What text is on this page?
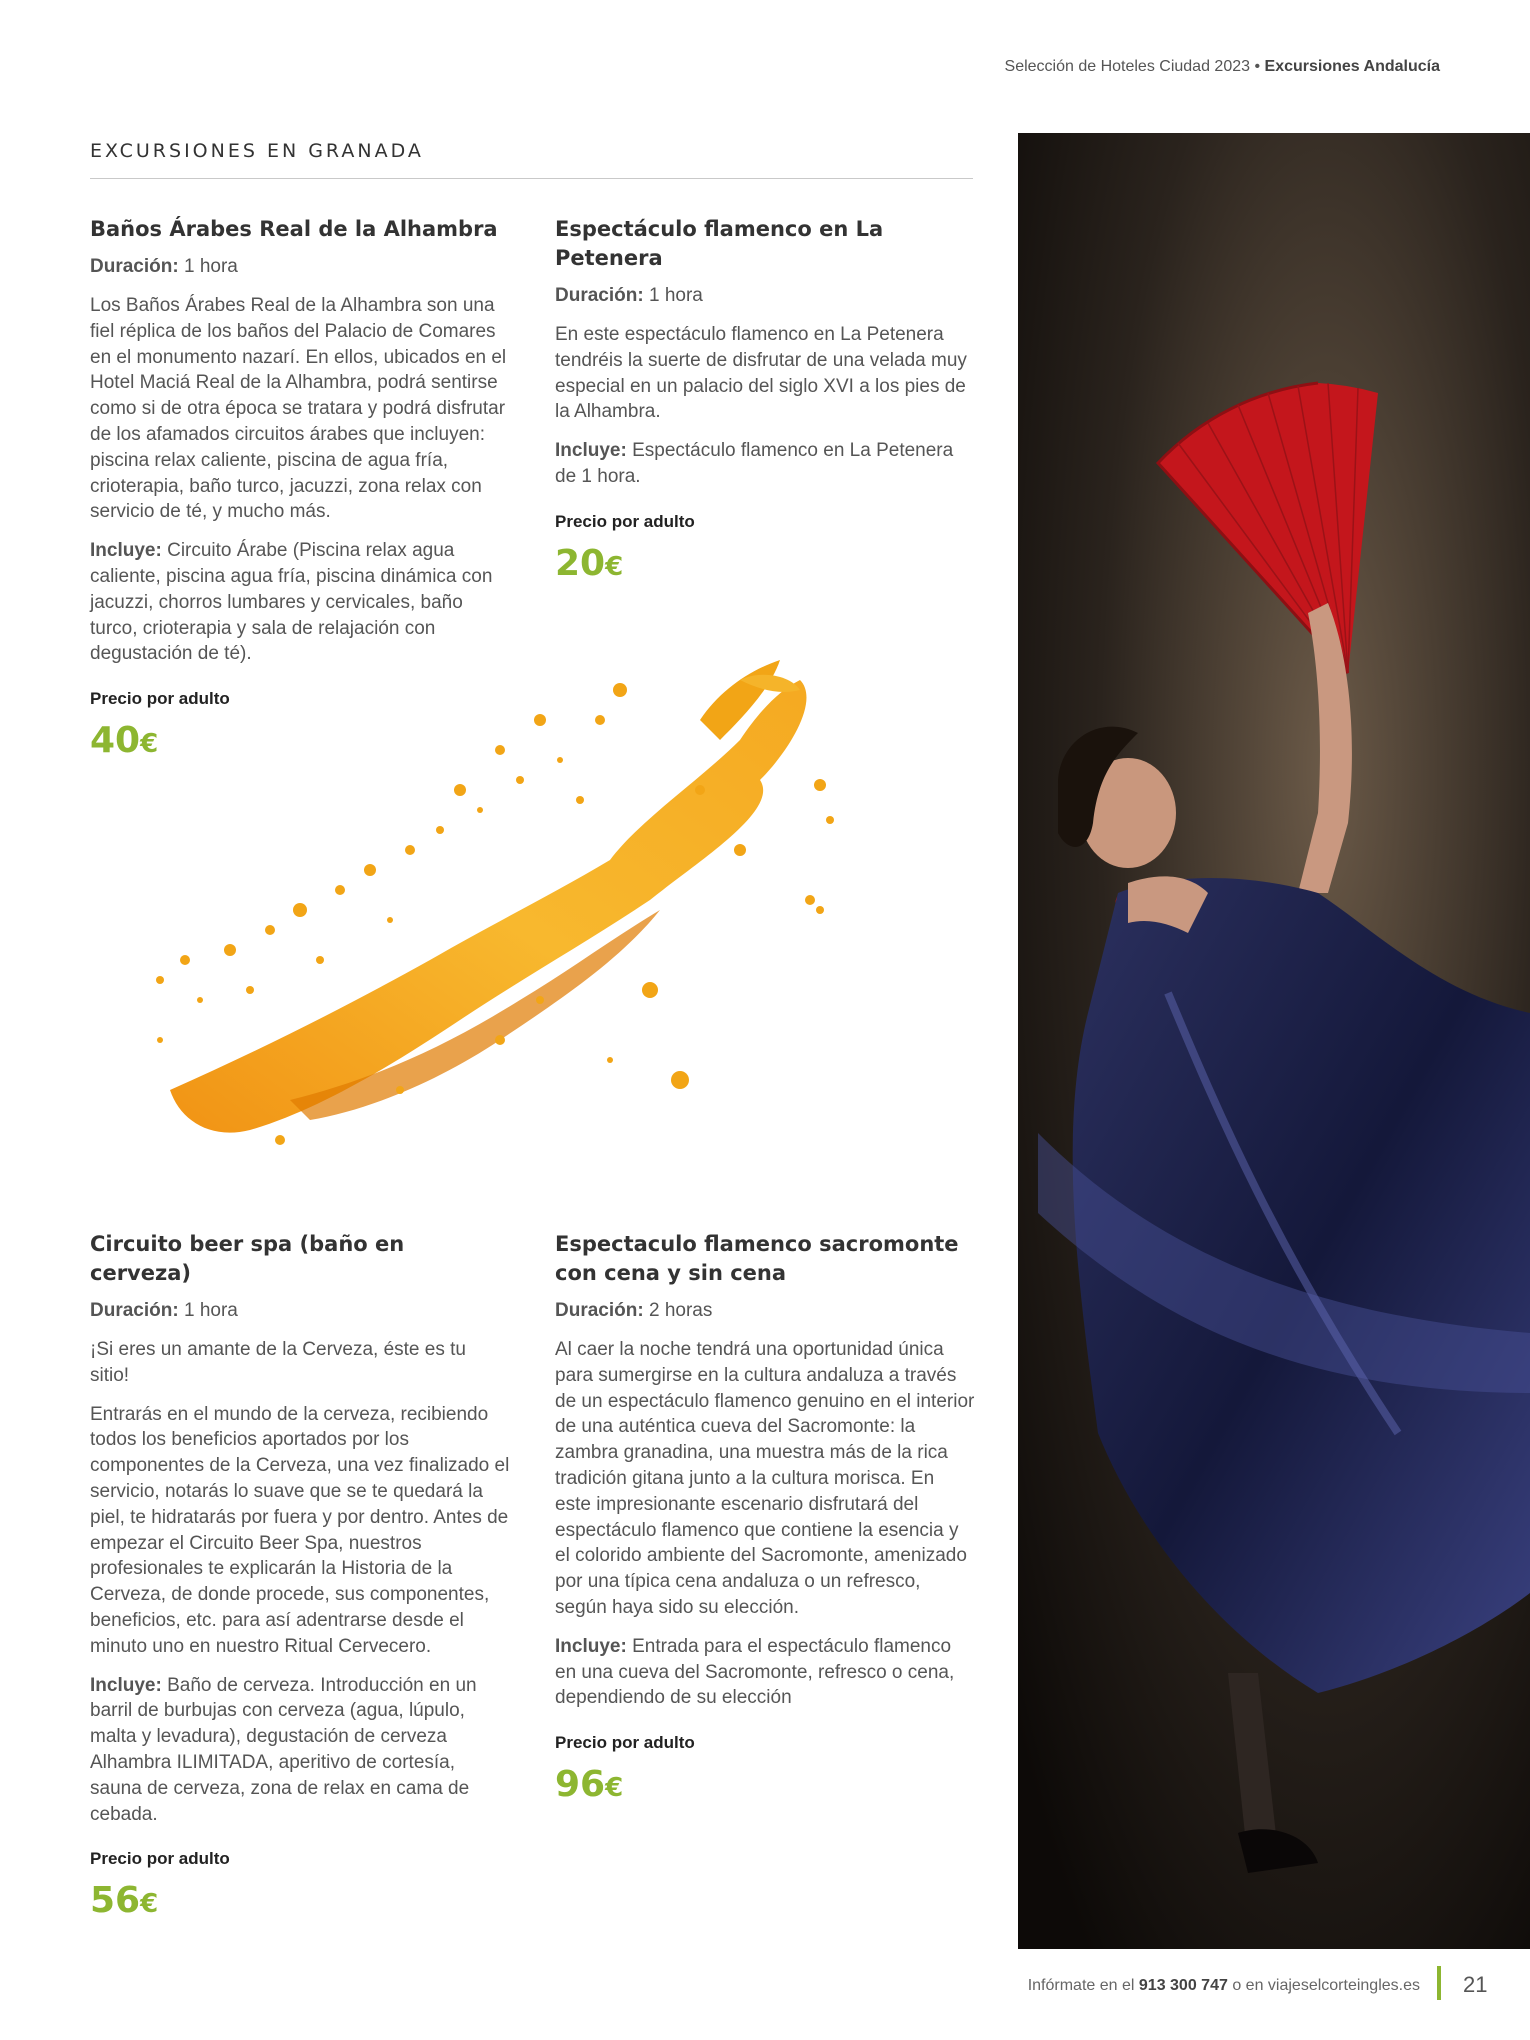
Selección de Hoteles Ciudad 2023 • Excursiones Andalucía
EXCURSIONES EN GRANADA
Baños Árabes Real de la Alhambra

Duración: 1 hora

Los Baños Árabes Real de la Alhambra son una fiel réplica de los baños del Palacio de Comares en el monumento nazarí. En ellos, ubicados en el Hotel Maciá Real de la Alhambra, podrá sentirse como si de otra época se tratara y podrá disfrutar de los afamados circuitos árabes que incluyen: piscina relax caliente, piscina de agua fría, crioterapia, baño turco, jacuzzi, zona relax con servicio de té, y mucho más.

Incluye: Circuito Árabe (Piscina relax agua caliente, piscina agua fría, piscina dinámica con jacuzzi, chorros lumbares y cervicales, baño turco, crioterapia y sala de relajación con degustación de té).

Precio por adulto

40€
Espectáculo flamenco en La Petenera

Duración: 1 hora

En este espectáculo flamenco en La Petenera tendréis la suerte de disfrutar de una velada muy especial en un palacio del siglo XVI a los pies de la Alhambra.

Incluye: Espectáculo flamenco en La Petenera de 1 hora.

Precio por adulto

20€
Circuito beer spa (baño en cerveza)

Duración: 1 hora

¡Si eres un amante de la Cerveza, éste es tu sitio!

Entrarás en el mundo de la cerveza, recibiendo todos los beneficios aportados por los componentes de la Cerveza, una vez finalizado el servicio, notarás lo suave que se te quedará la piel, te hidratarás por fuera y por dentro. Antes de empezar el Circuito Beer Spa, nuestros profesionales te explicarán la Historia de la Cerveza, de donde procede, sus componentes, beneficios, etc. para así adentrarse desde el minuto uno en nuestro Ritual Cervecero.

Incluye: Baño de cerveza. Introducción en un barril de burbujas con cerveza (agua, lúpulo, malta y levadura), degustación de cerveza Alhambra ILIMITADA, aperitivo de cortesía, sauna de cerveza, zona de relax en cama de cebada.

Precio por adulto

56€
Espectaculo flamenco sacromonte con cena y sin cena

Duración: 2 horas

Al caer la noche tendrá una oportunidad única para sumergirse en la cultura andaluza a través de un espectáculo flamenco genuino en el interior de una auténtica cueva del Sacromonte: la zambra granadina, una muestra más de la rica tradición gitana junto a la cultura morisca. En este impresionante escenario disfrutará del espectáculo flamenco que contiene la esencia y el colorido ambiente del Sacromonte, amenizado por una típica cena andaluza o un refresco, según haya sido su elección.

Incluye: Entrada para el espectáculo flamenco en una cueva del Sacromonte, refresco o cena, dependiendo de su elección

Precio por adulto

96€
Infórmate en el 913 300 747 o en viajeselcorteingles.es 21
